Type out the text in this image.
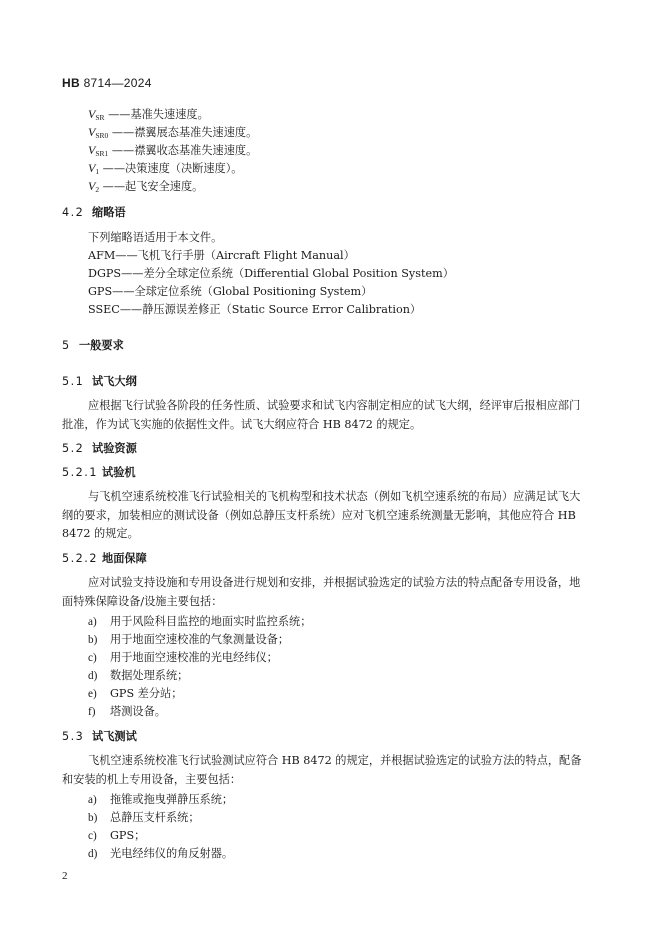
HB 8714—2024
$V_{SR}$ ——基准失速速度。
$V_{SR0}$ ——襟翼展态基准失速速度。
$V_{SR1}$ ——襟翼收态基准失速速度。
$V_1$ ——决策速度（决断速度）。
$V_2$ ——起飞安全速度。
4.2 缩略语
下列缩略语适用于本文件。
AFM——飞机飞行手册（Aircraft Flight Manual）
DGPS——差分全球定位系统（Differential Global Position System）
GPS——全球定位系统（Global Positioning System）
SSEC——静压源误差修正（Static Source Error Calibration）
5 一般要求
5.1 试飞大纲
应根据飞行试验各阶段的任务性质、试验要求和试飞内容制定相应的试飞大纲，经评审后报相应部门批准，作为试飞实施的依据性文件。试飞大纲应符合 HB 8472 的规定。
5.2 试验资源
5.2.1 试验机
与飞机空速系统校准飞行试验相关的飞机构型和技术状态（例如飞机空速系统的布局）应满足试飞大纲的要求，加装相应的测试设备（例如总静压支杆系统）应对飞机空速系统测量无影响，其他应符合 HB 8472 的规定。
5.2.2 地面保障
应对试验支持设施和专用设备进行规划和安排，并根据试验选定的试验方法的特点配备专用设备，地面特殊保障设备/设施主要包括：
a) 用于风险科目监控的地面实时监控系统；
b) 用于地面空速校准的气象测量设备；
c) 用于地面空速校准的光电经纬仪；
d) 数据处理系统；
e) GPS 差分站；
f) 塔测设备。
5.3 试飞测试
飞机空速系统校准飞行试验测试应符合 HB 8472 的规定，并根据试验选定的试验方法的特点，配备和安装的机上专用设备，主要包括：
a) 拖锥或拖曳弹静压系统；
b) 总静压支杆系统；
c) GPS；
d) 光电经纬仪的角反射器。
2
